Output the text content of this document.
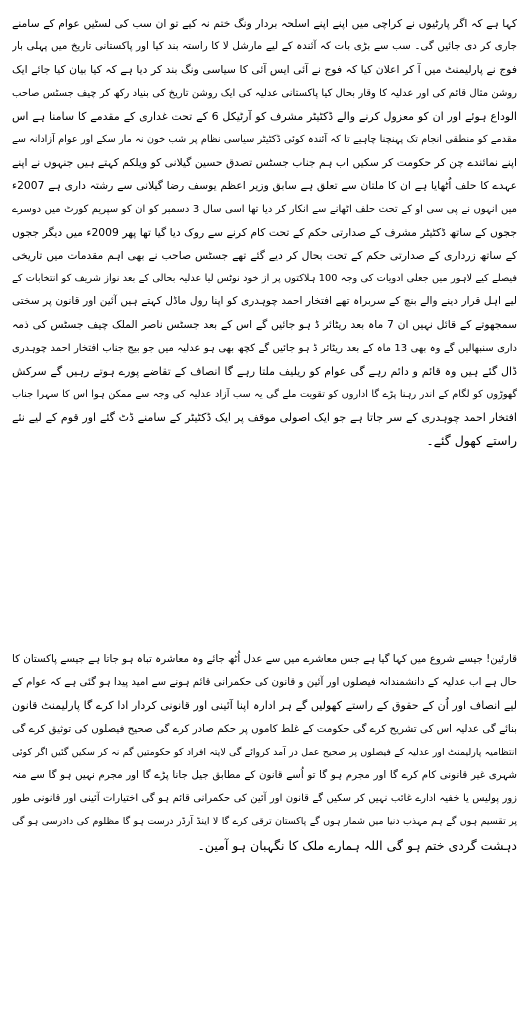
کہا ہے کہ اگر پارٹیوں نے کراچی میں اپنے اپنے اسلحہ بردار ونگ ختم نہ کیے تو ان سب کی لسٹیں عوام کے سامنے
جاری کر دی جائیں گی۔ سب سے بڑی بات کہ آئندہ کے لیے مارشل لا کا راستہ بند کیا اور پاکستانی تاریخ میں پہلی بار
فوج نے پارلیمنٹ میں آ کر اعلان کیا کہ فوج نے آئی ایس آئی کا سیاسی ونگ بند کر دیا ہے کہ کیا بیان کیا جائے ایک
روشن مثال قائم کی اور عدلیہ کا وقار بحال کیا پاکستانی عدلیہ کی ایک روشن تاریخ کی بنیاد رکھ کر چیف جسٹس صاحب
الوداع ہوئے اور ان کو معزول کرنے والے ڈکٹیٹر مشرف کو آرٹیکل 6 کے تحت غداری کے مقدمے کا سامنا ہے اس
مقدمے کو منطقی انجام تک پہنچنا چاہیے تا کہ آئندہ کوئی ڈکٹیٹر سیاسی نظام پر شب خون نہ مار سکے اور عوام آزادانہ سے
اپنے نمائندے چن کر حکومت کر سکیں اب ہم جناب جسٹس تصدق حسین گیلانی کو ویلکم کہتے ہیں جنہوں نے اپنے
عہدے کا حلف اُٹھایا ہے ان کا ملتان سے تعلق ہے سابق وزیر اعظم یوسف رضا گیلانی سے رشتہ داری ہے 2007ء
میں انہوں نے پی سی او کے تحت حلف اٹھانے سے انکار کر دیا تھا اسی سال 3 دسمبر کو ان کو سپریم کورٹ میں دوسرے
ججوں کے ساتھ ڈکٹیٹر مشرف کے صدارتی حکم کے تحت کام کرنے سے روک دیا گیا تھا پھر 2009ء میں دیگر ججوں
کے ساتھ زرداری کے صدارتی حکم کے تحت بحال کر دیے گئے تھے جسٹس صاحب نے بھی اہم مقدمات میں تاریخی
فیصلے کیے لاہور میں جعلی ادویات کی وجہ 100 ہلاکتوں پر از خود نوٹس لیا عدلیہ بحالی کے بعد نواز شریف کو انتخابات کے
لیے اہل قرار دینے والے بنچ کے سربراہ تھے افتخار احمد چوہدری کو اپنا رول ماڈل کہتے ہیں آئین اور قانون پر سختی
سمجھوتے کے قائل نہیں ان 7 ماہ بعد ریٹائر ڈ ہو جائیں گے اس کے بعد جسٹس ناصر الملک چیف جسٹس کی ذمہ
داری سنبھالیں گے وہ بھی 13 ماہ کے بعد ریٹائر ڈ ہو جائیں گے کچھ بھی ہو عدلیہ میں جو بیج جناب افتخار احمد چوہدری
ڈال گئے ہیں وہ قائم و دائم رہے گی عوام کو ریلیف ملتا رہے گا انصاف کے تقاضے پورے ہوتے رہیں گے سرکش
گھوڑوں کو لگام کے اندر رہنا پڑے گا اداروں کو تقویت ملے گی یہ سب آزاد عدلیہ کی وجہ سے ممکن ہوا اس کا سہرا جناب
افتخار احمد چوہدری کے سر جاتا ہے جو ایک اصولی موقف پر ایک ڈکٹیٹر کے سامنے ڈٹ گئے اور قوم کے لیے نئے
راستے کھول گئے۔
قارئین! جیسے شروع میں کہا گیا ہے جس معاشرے میں سے عدل اُٹھ جائے وہ معاشرہ تباہ ہو جاتا ہے جیسے پاکستان کا
حال ہے اب عدلیہ کے دانشمندانہ فیصلوں اور آئین و قانون کی حکمرانی قائم ہونے سے امید پیدا ہو گئی ہے کہ عوام کے
لیے انصاف اور اُن کے حقوق کے راستے کھولیں گے ہر ادارہ اپنا آئینی اور قانونی کردار ادا کرے گا پارلیمنٹ قانون
بنائے گی عدلیہ اس کی تشریح کرے گی حکومت کے غلط کاموں پر حکم صادر کرے گی صحیح فیصلوں کی توثیق کرے گی
انتظامیہ پارلیمنٹ اور عدلیہ کے فیصلوں پر صحیح عمل در آمد کروائے گی لاپتہ افراد کو حکومتیں گم نہ کر سکیں گئیں اگر کوئی
شہری غیر قانونی کام کرے گا اور مجرم ہو گا تو اُسے قانون کے مطابق جیل جانا پڑے گا اور مجرم نہیں ہو گا سے منہ
زور پولیس یا خفیہ ادارے غائب نہیں کر سکیں گے قانون اور آئین کی حکمرانی قائم ہو گی اختیارات آئینی اور قانونی طور
پر تقسیم ہوں گے ہم مہذب دنیا میں شمار ہوں گے پاکستان ترقی کرے گا لا اینڈ آرڈر درست ہو گا مظلوم کی دادرسی ہو گی
دہشت گردی ختم ہو گی اللہ ہمارے ملک کا نگہبان ہو آمین۔
